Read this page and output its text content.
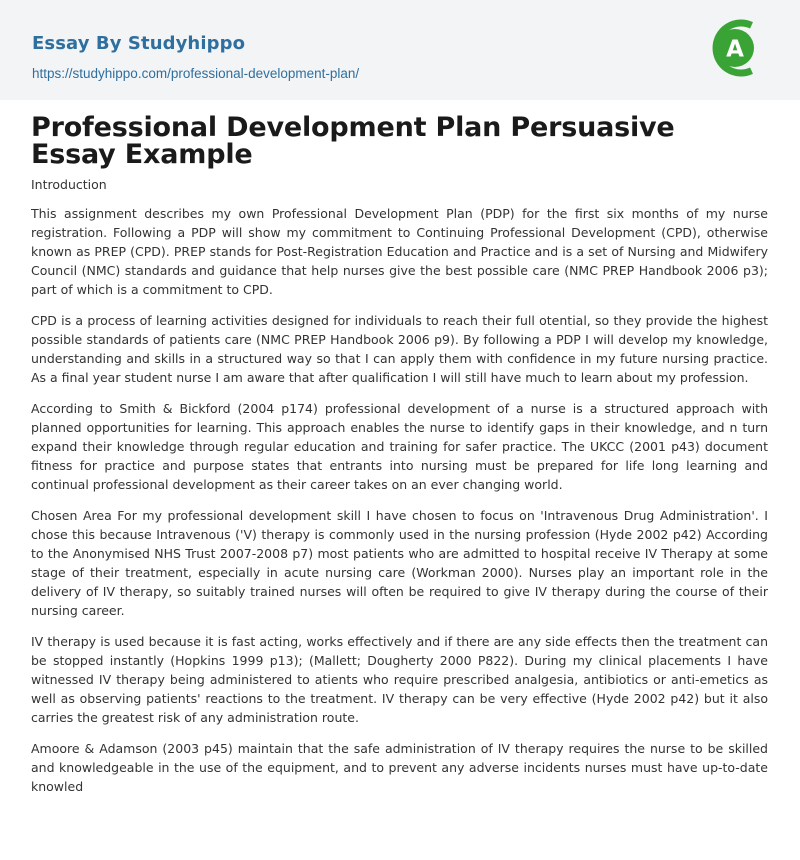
Essay By Studyhippo
https://studyhippo.com/professional-development-plan/
A
Professional Development Plan Persuasive Essay Example
Introduction

This assignment describes my own Professional Development Plan (PDP) for the first six months of my nurse registration. Following a PDP will show my commitment to Continuing Professional Development (CPD), otherwise known as PREP (CPD). PREP stands for Post-Registration Education and Practice and is a set of Nursing and Midwifery Council (NMC) standards and guidance that help nurses give the best possible care (NMC PREP Handbook 2006 p3); part of which is a commitment to CPD.

CPD is a process of learning activities designed for individuals to reach their full otential, so they provide the highest possible standards of patients care (NMC PREP Handbook 2006 p9). By following a PDP I will develop my knowledge, understanding and skills in a structured way so that I can apply them with confidence in my future nursing practice. As a final year student nurse I am aware that after qualification I will still have much to learn about my profession.

According to Smith & Bickford (2004 p174) professional development of a nurse is a structured approach with planned opportunities for learning. This approach enables the nurse to identify gaps in their knowledge, and n turn expand their knowledge through regular education and training for safer practice. The UKCC (2001 p43) document fitness for practice and purpose states that entrants into nursing must be prepared for life long learning and continual professional development as their career takes on an ever changing world.

Chosen Area For my professional development skill I have chosen to focus on 'Intravenous Drug Administration'. I chose this because Intravenous ('V) therapy is commonly used in the nursing profession (Hyde 2002 p42) According to the Anonymised NHS Trust 2007-2008 p7) most patients who are admitted to hospital receive IV Therapy at some stage of their treatment, especially in acute nursing care (Workman 2000). Nurses play an important role in the delivery of IV therapy, so suitably trained nurses will often be required to give IV therapy during the course of their nursing career.

IV therapy is used because it is fast acting, works effectively and if there are any side effects then the treatment can be stopped instantly (Hopkins 1999 p13); (Mallett; Dougherty 2000 P822). During my clinical placements I have witnessed IV therapy being administered to atients who require prescribed analgesia, antibiotics or anti-emetics as well as observing patients' reactions to the treatment. IV therapy can be very effective (Hyde 2002 p42) but it also carries the greatest risk of any administration route.

Amoore & Adamson (2003 p45) maintain that the safe administration of IV therapy requires the nurse to be skilled and knowledgeable in the use of the equipment, and to prevent any adverse incidents nurses must have up-to-date knowled
